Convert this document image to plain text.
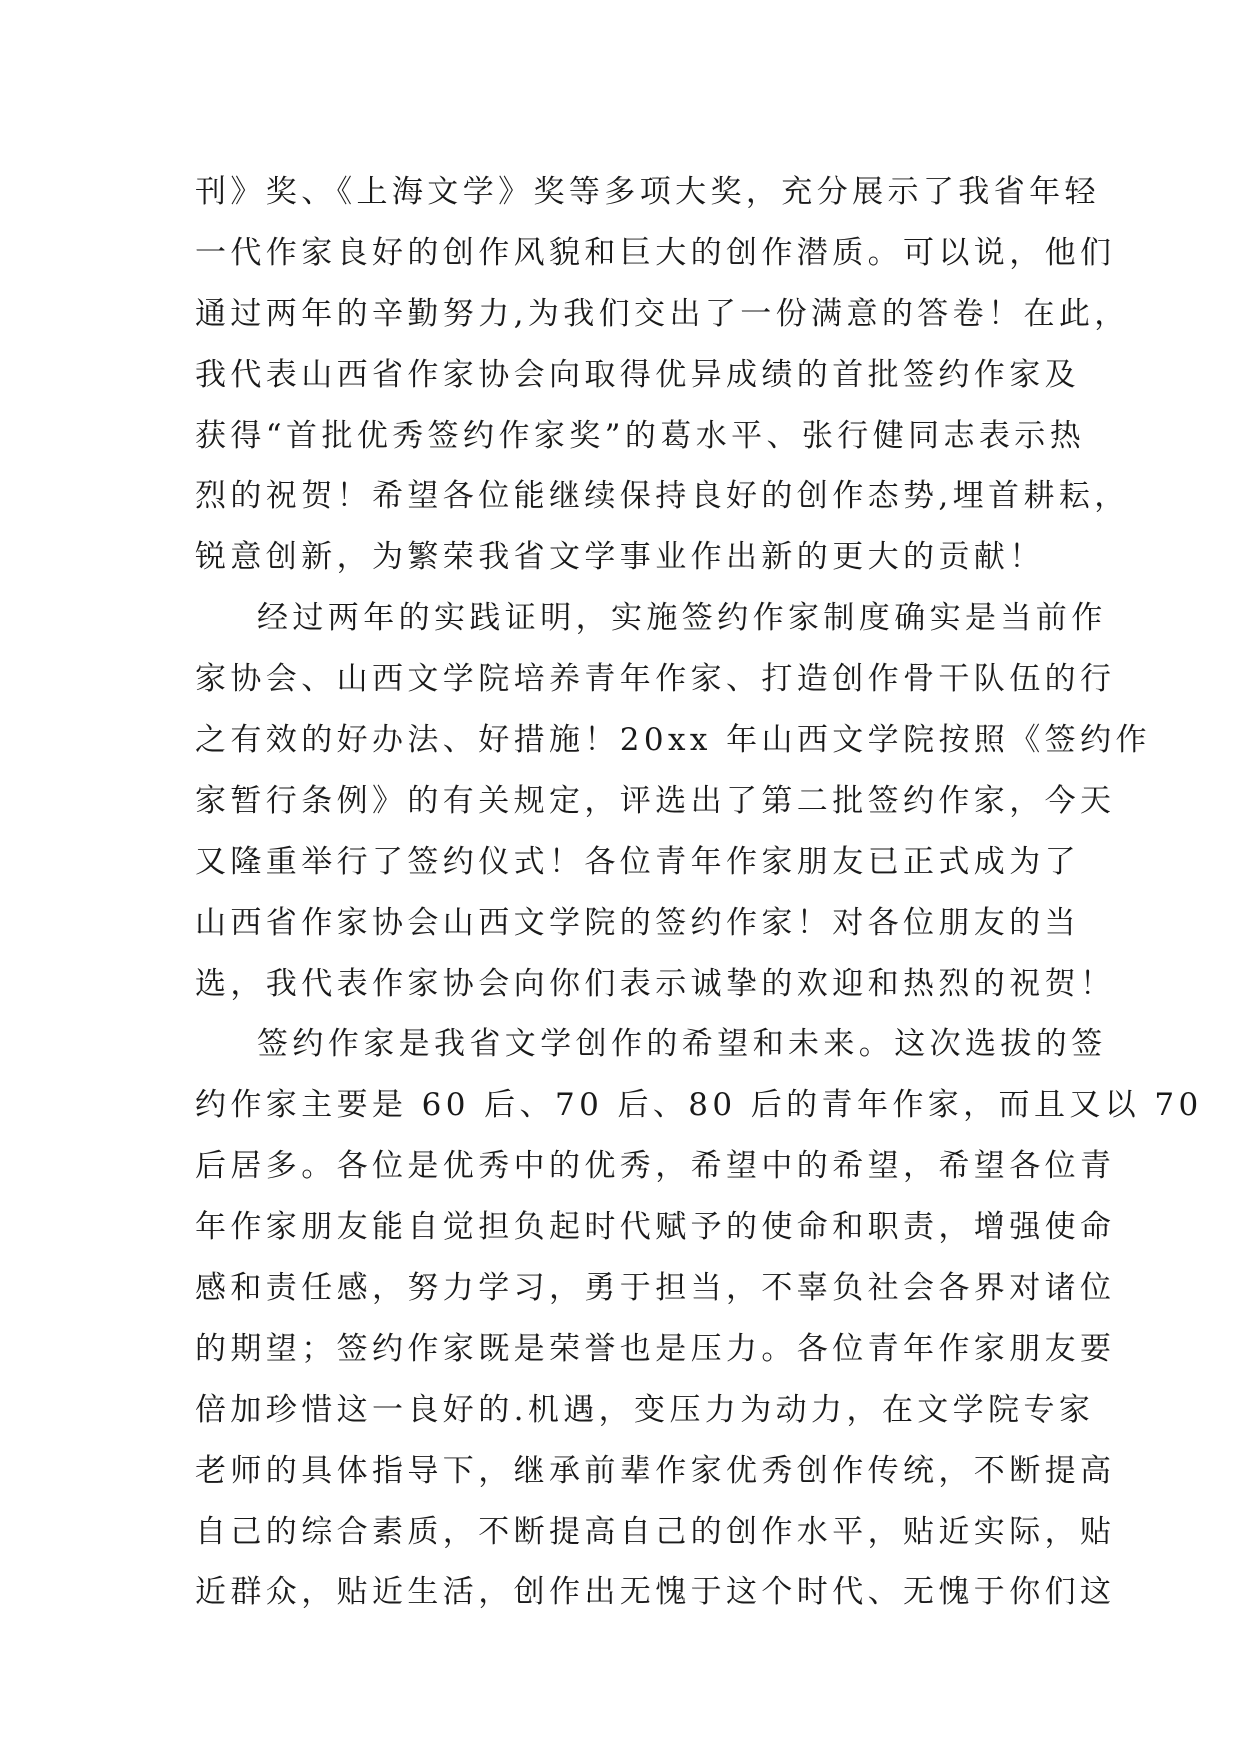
刊》奖、《上海文学》奖等多项大奖，充分展示了我省年轻
一代作家良好的创作风貌和巨大的创作潜质。可以说，他们
通过两年的辛勤努力,为我们交出了一份满意的答卷！在此，
我代表山西省作家协会向取得优异成绩的首批签约作家及
获得“首批优秀签约作家奖”的葛水平、张行健同志表示热
烈的祝贺！希望各位能继续保持良好的创作态势,埋首耕耘，
锐意创新，为繁荣我省文学事业作出新的更大的贡献！
经过两年的实践证明，实施签约作家制度确实是当前作
家协会、山西文学院培养青年作家、打造创作骨干队伍的行
之有效的好办法、好措施！20xx 年山西文学院按照《签约作
家暂行条例》的有关规定，评选出了第二批签约作家，今天
又隆重举行了签约仪式！各位青年作家朋友已正式成为了
山西省作家协会山西文学院的签约作家！对各位朋友的当
选，我代表作家协会向你们表示诚挚的欢迎和热烈的祝贺！
签约作家是我省文学创作的希望和未来。这次选拔的签
约作家主要是 60 后、70 后、80 后的青年作家，而且又以 70
后居多。各位是优秀中的优秀，希望中的希望，希望各位青
年作家朋友能自觉担负起时代赋予的使命和职责，增强使命
感和责任感，努力学习，勇于担当，不辜负社会各界对诸位
的期望；签约作家既是荣誉也是压力。各位青年作家朋友要
倍加珍惜这一良好的.机遇，变压力为动力，在文学院专家
老师的具体指导下，继承前辈作家优秀创作传统，不断提高
自己的综合素质，不断提高自己的创作水平，贴近实际，贴
近群众，贴近生活，创作出无愧于这个时代、无愧于你们这
